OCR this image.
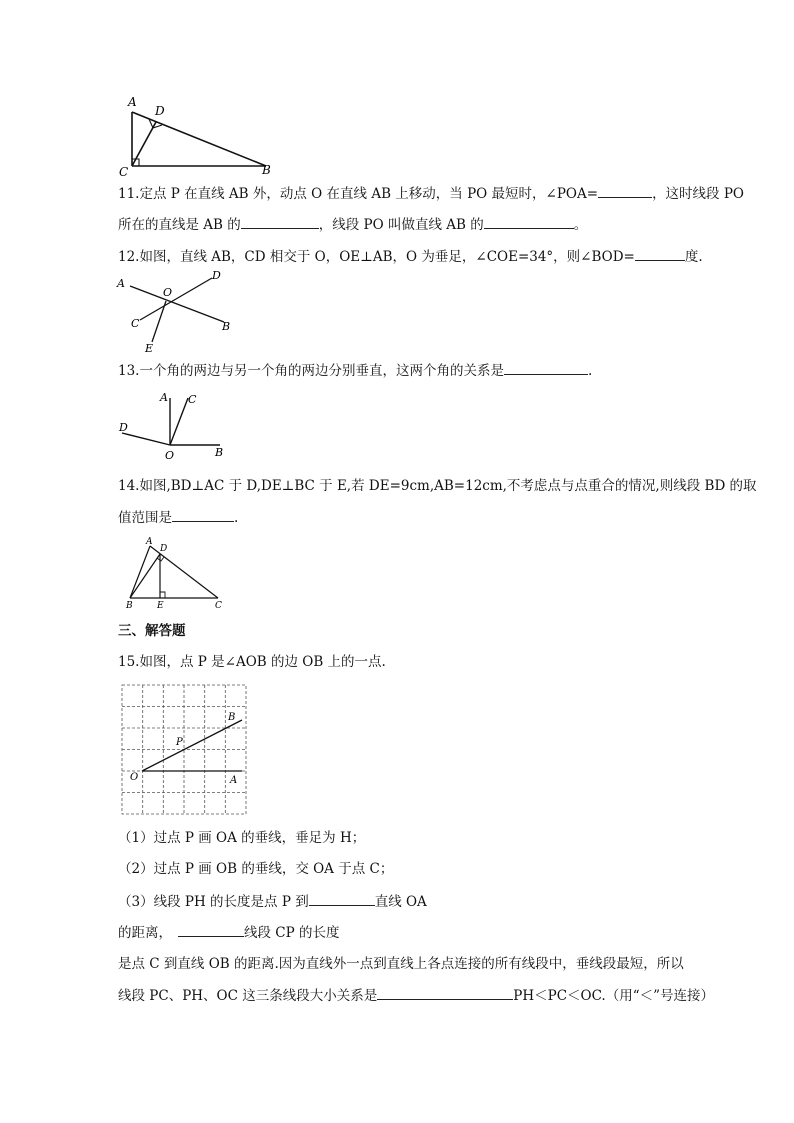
A
D
C	B
11.定点 P 在直线 AB 外，动点 O 在直线 AB 上移动，当 PO 最短时，∠POA=	，这时线段 PO
所在的直线是 AB 的	，线段 PO 叫做直线 AB 的	。
12.如图，直线 AB，CD 相交于 O，OE⊥AB，O 为垂足，∠COE=34°，则∠BOD=	度.
A
D
O
C	B
E
13.一个角的两边与另一个角的两边分别垂直，这两个角的关系是	.
A C
D
O	B
14.如图,BD⊥AC 于 D,DE⊥BC 于 E,若 DE=9cm,AB=12cm,不考虑点与点重合的情况,则线段 BD 的取
值范围是	.
A
D
B	E	C
三、解答题
15.如图，点 P 是∠AOB 的边 OB 上的一点.
B
P
O	A
（1）过点 P 画 OA 的垂线，垂足为 H；
（2）过点 P 画 OB 的垂线，交 OA 于点 C；
（3）线段 PH 的长度是点 P 到	直线 OA
的距离，	线段 CP 的长度
是点 C 到直线 OB 的距离.因为直线外一点到直线上各点连接的所有线段中，垂线段最短，所以
线段 PC、PH、OC 这三条线段大小关系是	PH＜PC＜OC.（用“＜”号连接）
